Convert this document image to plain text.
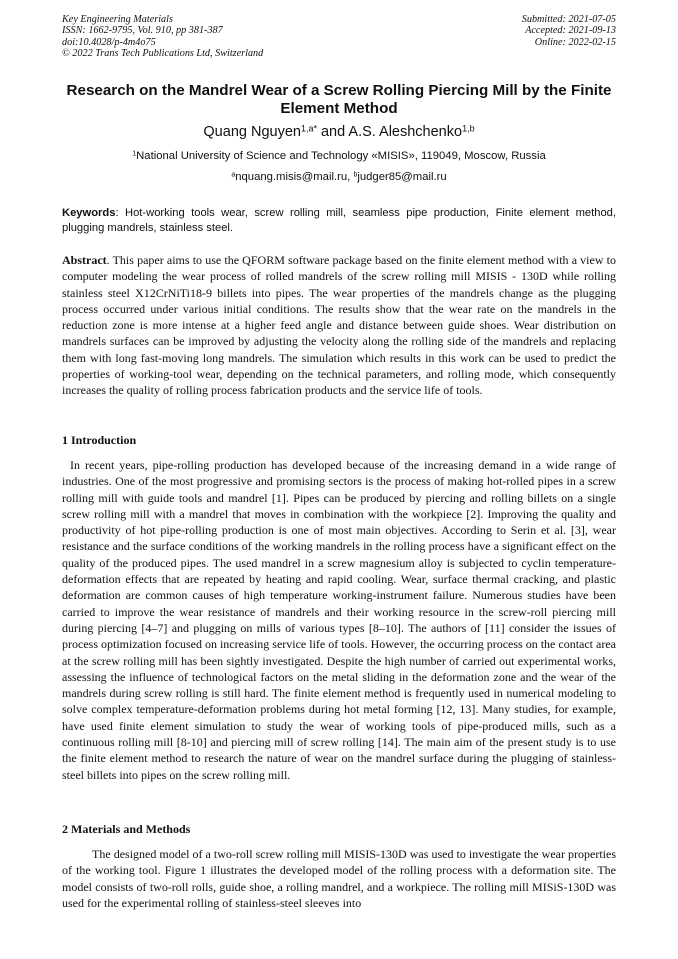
Key Engineering Materials
ISSN: 1662-9795, Vol. 910, pp 381-387
doi:10.4028/p-4m4o75
© 2022 Trans Tech Publications Ltd, Switzerland
Submitted: 2021-07-05
Accepted: 2021-09-13
Online: 2022-02-15
Research on the Mandrel Wear of a Screw Rolling Piercing Mill by the Finite Element Method
Quang Nguyen$^{1,a*}$ and A.S. Aleshchenko$^{1,b}$
$^1$National University of Science and Technology «MISIS», 119049, Moscow, Russia
$^a$nquang.misis@mail.ru, $^b$judger85@mail.ru
Keywords: Hot-working tools wear, screw rolling mill, seamless pipe production, Finite element method, plugging mandrels, stainless steel.
Abstract. This paper aims to use the QFORM software package based on the finite element method with a view to computer modeling the wear process of rolled mandrels of the screw rolling mill MISIS - 130D while rolling stainless steel X12CrNiTi18-9 billets into pipes. The wear properties of the mandrels change as the plugging process occurred under various initial conditions. The results show that the wear rate on the mandrels in the reduction zone is more intense at a higher feed angle and distance between guide shoes. Wear distribution on mandrels surfaces can be improved by adjusting the velocity along the rolling side of the mandrels and replacing them with long fast-moving long mandrels. The simulation which results in this work can be used to predict the properties of working-tool wear, depending on the technical parameters, and rolling mode, which consequently increases the quality of rolling process fabrication products and the service life of tools.
1 Introduction
In recent years, pipe-rolling production has developed because of the increasing demand in a wide range of industries. One of the most progressive and promising sectors is the process of making hot-rolled pipes in a screw rolling mill with guide tools and mandrel [1]. Pipes can be produced by piercing and rolling billets on a single screw rolling mill with a mandrel that moves in combination with the workpiece [2]. Improving the quality and productivity of hot pipe-rolling production is one of most main objectives. According to Serin et al. [3], wear resistance and the surface conditions of the working mandrels in the rolling process have a significant effect on the quality of the produced pipes. The used mandrel in a screw magnesium alloy is subjected to cyclin temperature-deformation effects that are repeated by heating and rapid cooling. Wear, surface thermal cracking, and plastic deformation are common causes of high temperature working-instrument failure. Numerous studies have been carried to improve the wear resistance of mandrels and their working resource in the screw-roll piercing mill during piercing [4–7] and plugging on mills of various types [8–10]. The authors of [11] consider the issues of process optimization focused on increasing service life of tools. However, the occurring process on the contact area at the screw rolling mill has been sightly investigated. Despite the high number of carried out experimental works, assessing the influence of technological factors on the metal sliding in the deformation zone and the wear of the mandrels during screw rolling is still hard. The finite element method is frequently used in numerical modeling to solve complex temperature-deformation problems during hot metal forming [12, 13]. Many studies, for example, have used finite element simulation to study the wear of working tools of pipe-produced mills, such as a continuous rolling mill [8-10] and piercing mill of screw rolling [14]. The main aim of the present study is to use the finite element method to research the nature of wear on the mandrel surface during the plugging of stainless-steel billets into pipes on the screw rolling mill.
2 Materials and Methods
The designed model of a two-roll screw rolling mill MISIS-130D was used to investigate the wear properties of the working tool. Figure 1 illustrates the developed model of the rolling process with a deformation site. The model consists of two-roll rolls, guide shoe, a rolling mandrel, and a workpiece. The rolling mill MISiS-130D was used for the experimental rolling of stainless-steel sleeves into
